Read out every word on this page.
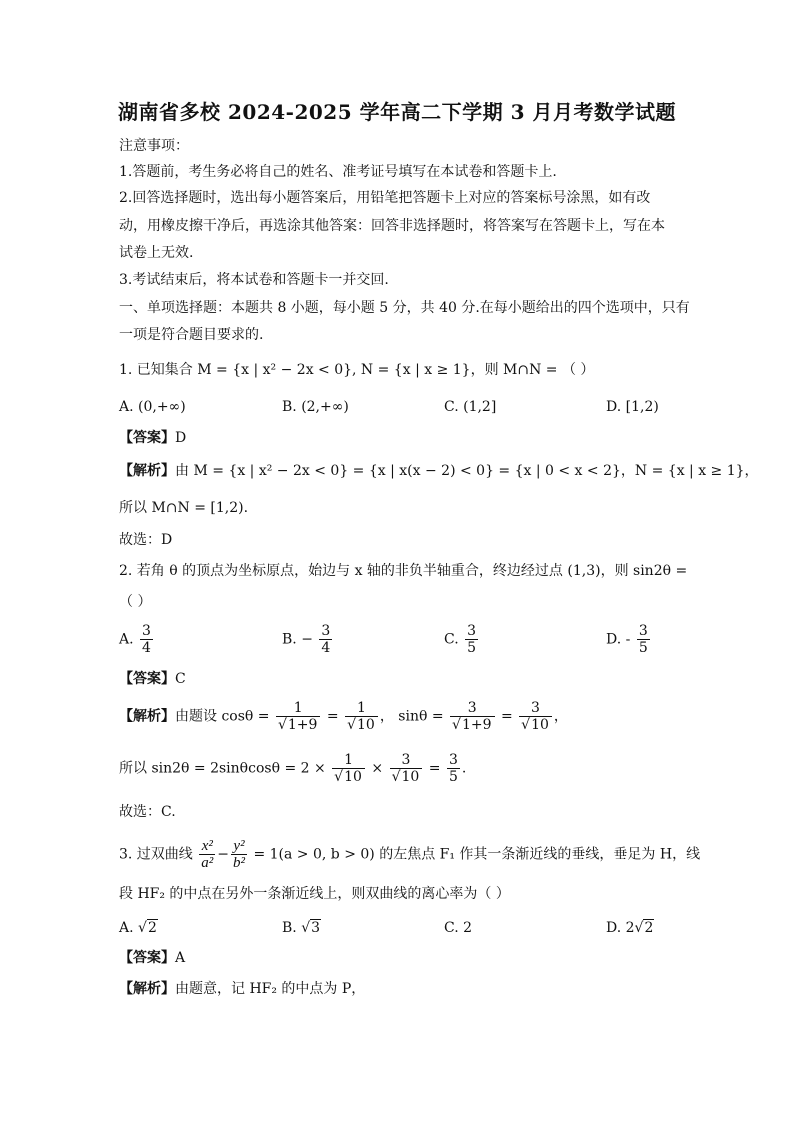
湖南省多校 2024-2025 学年高二下学期 3 月月考数学试题
注意事项：
1.答题前，考生务必将自己的姓名、准考证号填写在本试卷和答题卡上.
2.回答选择题时，选出每小题答案后，用铅笔把答题卡上对应的答案标号涂黑，如有改
动，用橡皮擦干净后，再选涂其他答案：回答非选择题时，将答案写在答题卡上，写在本
试卷上无效.
3.考试结束后，将本试卷和答题卡一并交回.
一、单项选择题：本题共 8 小题，每小题 5 分，共 40 分.在每小题给出的四个选项中，只有
一项是符合题目要求的.
1. 已知集合 M = {x | x² − 2x < 0}, N = {x | x ≥ 1}，则 M∩N = （ ）
A. (0,+∞)	B. (2,+∞)	C. (1,2]	D. [1,2)
【答案】D
【解析】由 M = {x | x² − 2x < 0} = {x | x(x − 2) < 0} = {x | 0 < x < 2}，N = {x | x ≥ 1}，
所以 M∩N = [1,2).
故选：D
2. 若角 θ 的顶点为坐标原点，始边与 x 轴的非负半轴重合，终边经过点 (1,3)，则 sin2θ =
（ ）
A. $\frac{3}{4}$	B. − $\frac{3}{4}$	C. $\frac{3}{5}$	D. - $\frac{3}{5}$
【答案】C
【解析】由题设 $\cos\theta = \frac{1}{√1+9} = \frac{1}{√10}$ ， $\sin\theta = \frac{3}{√1+9} = \frac{3}{√10}$ ，
所以 $\sin 2\theta = 2\sin\theta\cos\theta = 2 \times \frac{1}{√10} \times \frac{3}{√10} = \frac{3}{5}$ .
故选：C.
3. 过双曲线 $\frac{\text{x²}}{\text{a²}} - \frac{\text{y²}}{\text{b²}} = 1(a > 0$, b > 0) 的左焦点 F₁ 作其一条渐近线的垂线，垂足为 H，线
段 HF₂ 的中点在另外一条渐近线上，则双曲线的离心率为（ ）
A. √2	B. √3	C. 2	D. 2√2
【答案】A
【解析】由题意，记 HF₂ 的中点为 P，
